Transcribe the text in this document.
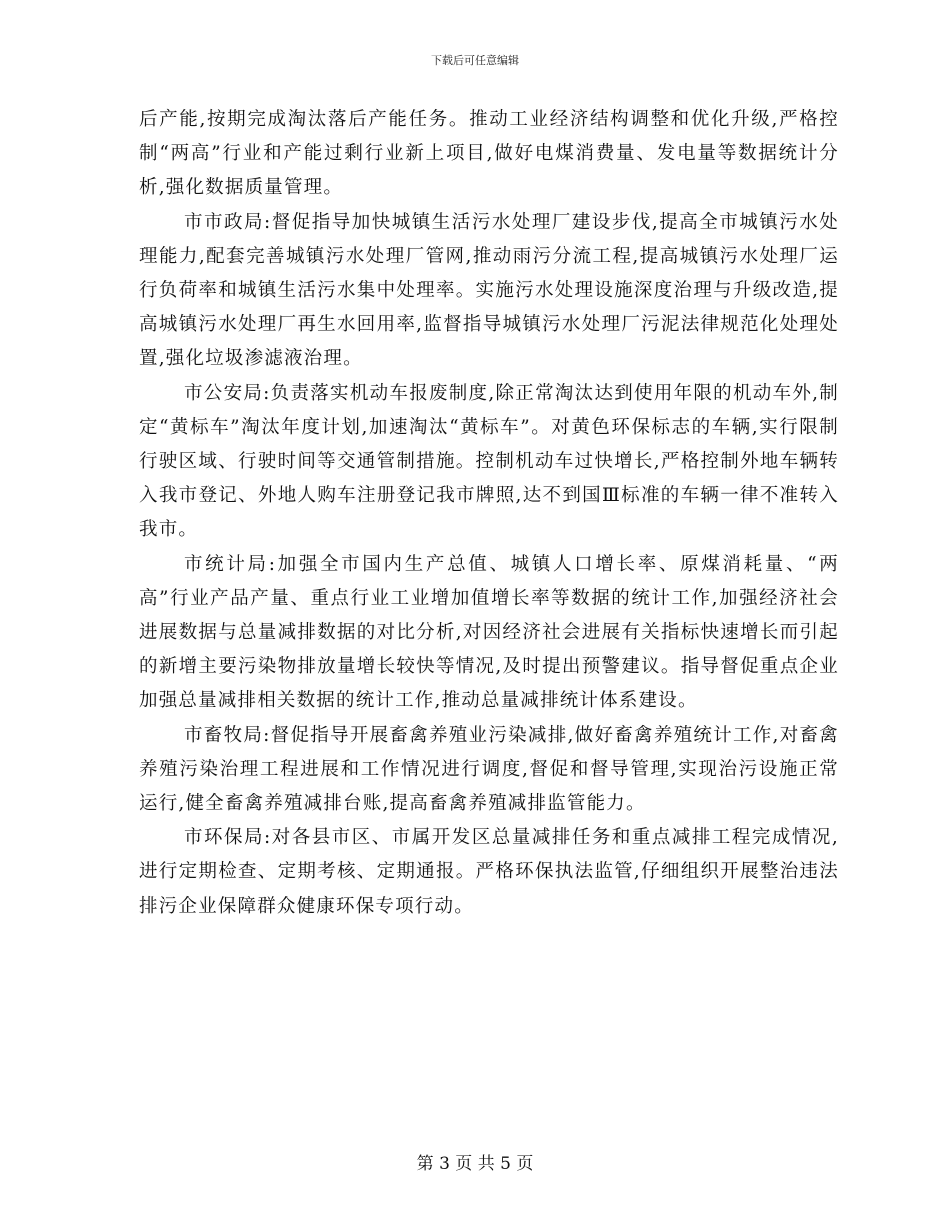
下载后可任意编辑

后产能,按期完成淘汰落后产能任务。推动工业经济结构调整和优化升级,严格控制“两高”行业和产能过剩行业新上项目,做好电煤消费量、发电量等数据统计分析,强化数据质量管理。

市市政局:督促指导加快城镇生活污水处理厂建设步伐,提高全市城镇污水处理能力,配套完善城镇污水处理厂管网,推动雨污分流工程,提高城镇污水处理厂运行负荷率和城镇生活污水集中处理率。实施污水处理设施深度治理与升级改造,提高城镇污水处理厂再生水回用率,监督指导城镇污水处理厂污泥法律规范化处理处置,强化垃圾渗滤液治理。

市公安局:负责落实机动车报废制度,除正常淘汰达到使用年限的机动车外,制定“黄标车”淘汰年度计划,加速淘汰“黄标车”。对黄色环保标志的车辆,实行限制行驶区域、行驶时间等交通管制措施。控制机动车过快增长,严格控制外地车辆转入我市登记、外地人购车注册登记我市牌照,达不到国Ⅲ标准的车辆一律不准转入我市。

市统计局:加强全市国内生产总值、城镇人口增长率、原煤消耗量、“两高”行业产品产量、重点行业工业增加值增长率等数据的统计工作,加强经济社会进展数据与总量减排数据的对比分析,对因经济社会进展有关指标快速增长而引起的新增主要污染物排放量增长较快等情况,及时提出预警建议。指导督促重点企业加强总量减排相关数据的统计工作,推动总量减排统计体系建设。

市畜牧局:督促指导开展畜禽养殖业污染减排,做好畜禽养殖统计工作,对畜禽养殖污染治理工程进展和工作情况进行调度,督促和督导管理,实现治污设施正常运行,健全畜禽养殖减排台账,提高畜禽养殖减排监管能力。

市环保局:对各县市区、市属开发区总量减排任务和重点减排工程完成情况,进行定期检查、定期考核、定期通报。严格环保执法监管,仔细组织开展整治违法排污企业保障群众健康环保专项行动。

第 3 页 共 5 页
